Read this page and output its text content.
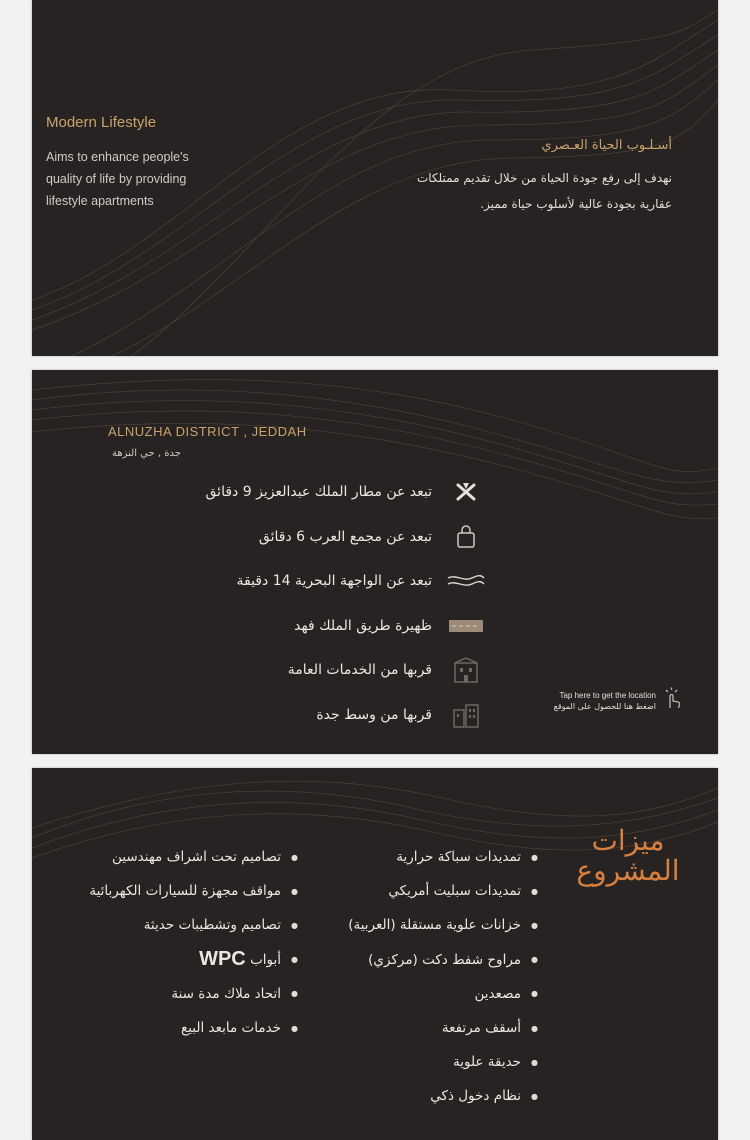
Modern Lifestyle
Aims to enhance people's
quality of life by providing
lifestyle apartments
أسـلـوب الحياة العـصري
نهدف إلى رفع جودة الحياة من خلال تقديم ممتلكات
عقارية بجودة عالية لأسلوب حياة مميز.
ALNUZHA DISTRICT , JEDDAH
جدة , حي النزهة
تبعد عن مطار الملك عبدالعزيز 9 دقائق
تبعد عن مجمع العرب 6 دقائق
تبعد عن الواجهة البحرية 14 دقيقة
ظهيرة طريق الملك فهد
قربها من الخدمات العامة
قربها من وسط جدة
Tap here to get the location
اضغط هنا للحصول على الموقع
ميزات
المشروع
● تمديدات سباكة حرارية
● تمديدات سبليت أمريكي
● خزانات علوية مستقلة (العربية)
● مراوح شفط دكت (مركزي)
● مصعدين
● أسقف مرتفعة
● حديقة علوية
● نظام دخول ذكي
● تصاميم تحت اشراف مهندسين
● مواقف مجهزة للسيارات الكهربائية
● تصاميم وتشطيبات حديثة
● أبواب

WPC
● اتحاد ملاك مدة سنة
● خدمات مابعد البيع
